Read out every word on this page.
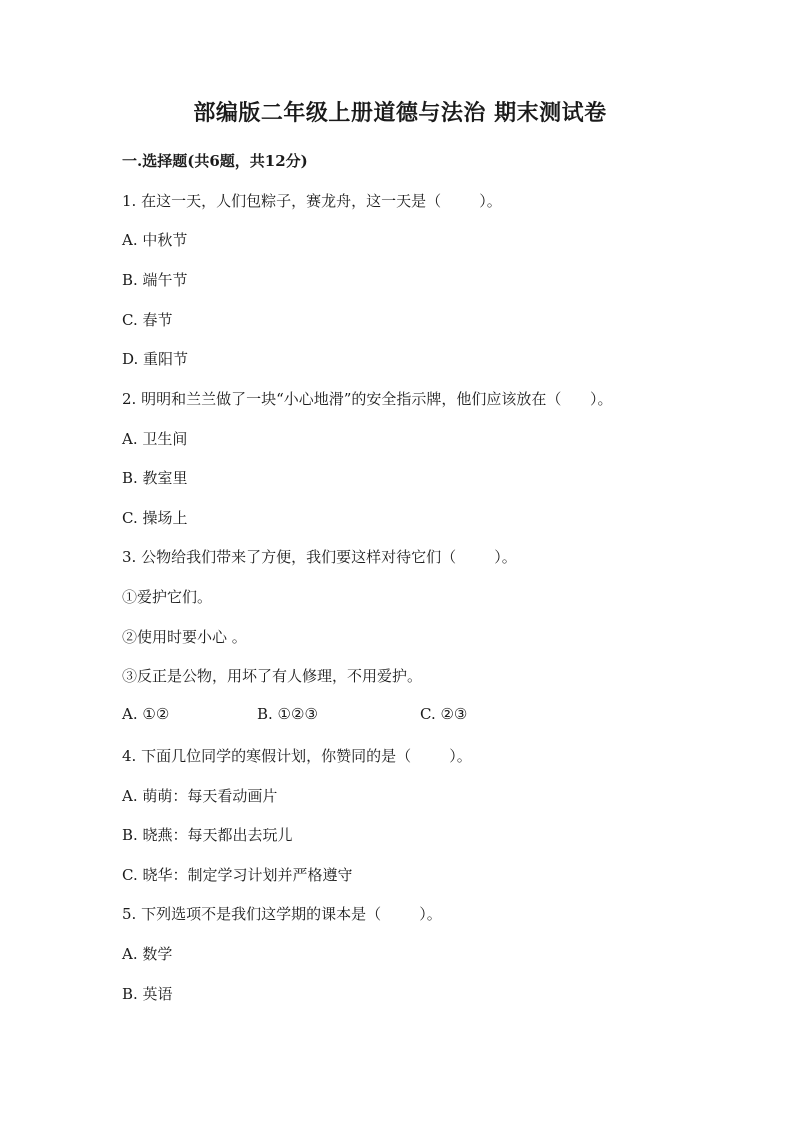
部编版二年级上册道德与法治 期末测试卷
一.选择题(共6题，共12分)
1. 在这一天，人们包粽子，赛龙舟，这一天是（        ）。
A. 中秋节
B. 端午节
C. 春节
D. 重阳节
2. 明明和兰兰做了一块“小心地滑”的安全指示牌，他们应该放在（      ）。
A. 卫生间
B. 教室里
C. 操场上
3. 公物给我们带来了方便，我们要这样对待它们（        ）。
①爱护它们。
②使用时要小心 。
③反正是公物，用坏了有人修理，不用爱护。
A. ①②	B. ①②③	C. ②③
4. 下面几位同学的寒假计划，你赞同的是（        ）。
A. 萌萌：每天看动画片
B. 晓燕：每天都出去玩儿
C. 晓华：制定学习计划并严格遵守
5. 下列选项不是我们这学期的课本是（        ）。
A. 数学
B. 英语
